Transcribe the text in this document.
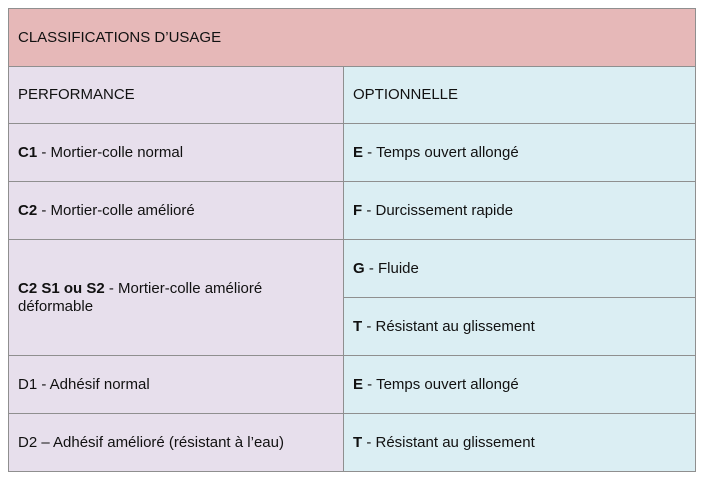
CLASSIFICATIONS D’USAGE	
PERFORMANCE	OPTIONNELLE
C1 - Mortier-colle normal	E - Temps ouvert allongé
C2 - Mortier-colle amélioré	F - Durcissement rapide
C2 S1 ou S2 - Mortier-colle amélioré déformable	G - Fluide
	T - Résistant au glissement
D1 - Adhésif normal	E - Temps ouvert allongé
D2 – Adhésif amélioré (résistant à l’eau)	T - Résistant au glissement
